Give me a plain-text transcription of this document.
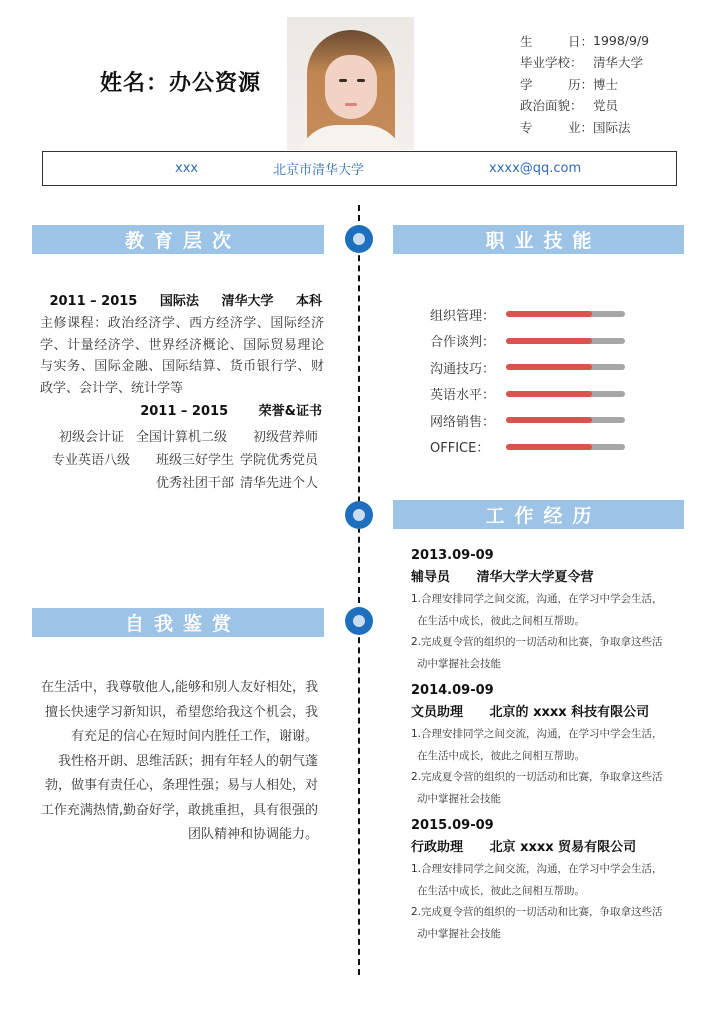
姓名：办公资源
生	日： 1998/9/9
毕业学校： 清华大学
学	历： 博士
政治面貌： 党员
专	业： 国际法
xxx	北京市清华大学	xxxx@qq.com
教育层次
2011 – 2015 国际法 清华大学 本科
主修课程：政治经济学、西方经济学、国际经济学、计量经济学、世界经济概论、国际贸易理论与实务、国际金融、国际结算、货币银行学、财政学、会计学、统计学等
2011 – 2015 荣誉&证书
初级会计证 全国计算机二级 初级营养师
专业英语八级 班级三好学生 学院优秀党员
优秀社团干部 清华先进个人
职业技能
组织管理：
合作谈判：
沟通技巧：
英语水平：
网络销售：
OFFICE：
自我鉴赏
在生活中，我尊敬他人,能够和别人友好相处，我
擅长快速学习新知识，希望您给我这个机会，我
有充足的信心在短时间内胜任工作，谢谢。
我性格开朗、思维活跃；拥有年轻人的朝气蓬
勃，做事有责任心，条理性强；易与人相处，对
工作充满热情,勤奋好学，敢挑重担，具有很强的
团队精神和协调能力。
工作经历
2013.09-09
辅导员 清华大学大学夏令营
1.合理安排同学之间交流，沟通，在学习中学会生活，
在生活中成长，彼此之间相互帮助。
2.完成夏令营的组织的一切活动和比赛，争取拿这些活
动中掌握社会技能
2014.09-09
文员助理 北京的 xxxx 科技有限公司
1.合理安排同学之间交流，沟通，在学习中学会生活，
在生活中成长，彼此之间相互帮助。
2.完成夏令营的组织的一切活动和比赛，争取拿这些活
动中掌握社会技能
2015.09-09
行政助理 北京 xxxx 贸易有限公司
1.合理安排同学之间交流，沟通，在学习中学会生活，
在生活中成长，彼此之间相互帮助。
2.完成夏令营的组织的一切活动和比赛，争取拿这些活
动中掌握社会技能
